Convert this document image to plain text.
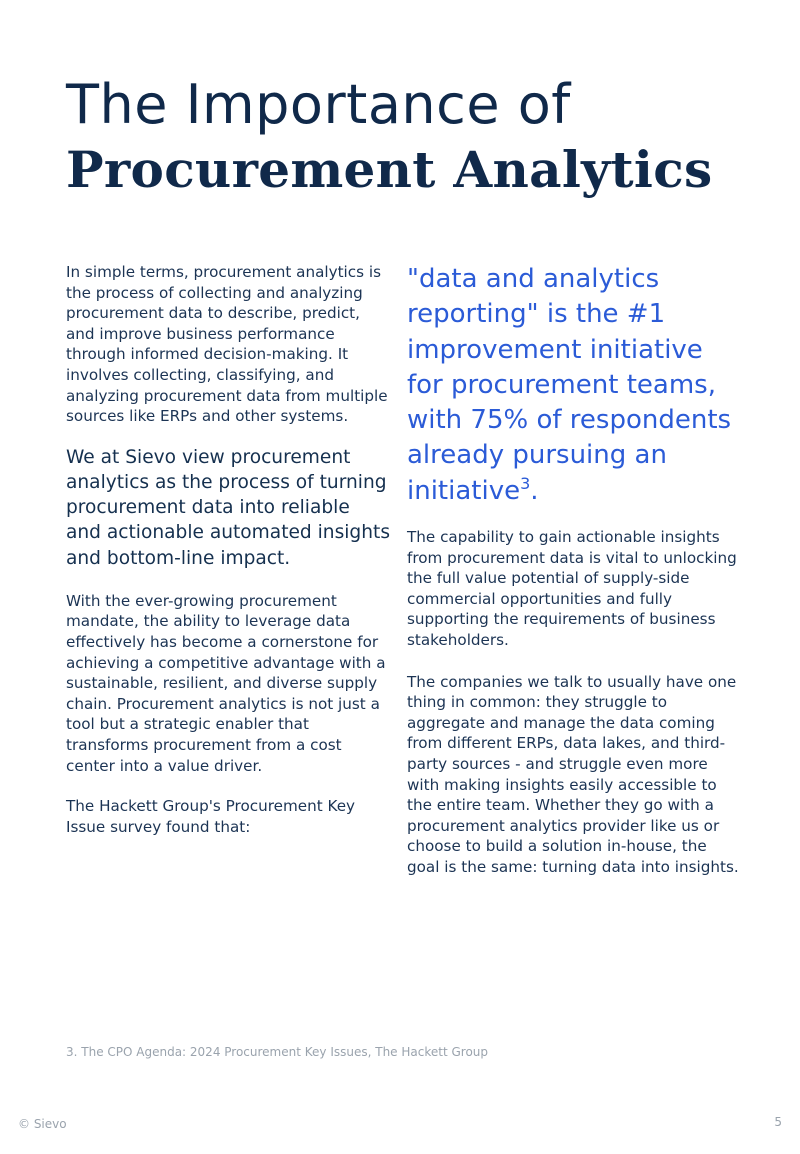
The Importance of
Procurement Analytics

In simple terms, procurement analytics is the process of collecting and analyzing procurement data to describe, predict, and improve business performance through informed decision-making. It involves collecting, classifying, and analyzing procurement data from multiple sources like ERPs and other systems.

We at Sievo view procurement analytics as the process of turning procurement data into reliable and actionable automated insights and bottom-line impact.

With the ever-growing procurement mandate, the ability to leverage data effectively has become a cornerstone for achieving a competitive advantage with a sustainable, resilient, and diverse supply chain. Procurement analytics is not just a tool but a strategic enabler that transforms procurement from a cost center into a value driver.

The Hackett Group's Procurement Key Issue survey found that:

"data and analytics reporting" is the #1 improvement initiative for procurement teams, with 75% of respondents already pursuing an initiative$^3$.

The capability to gain actionable insights from procurement data is vital to unlocking the full value potential of supply-side commercial opportunities and fully supporting the requirements of business stakeholders.

The companies we talk to usually have one thing in common: they struggle to aggregate and manage the data coming from different ERPs, data lakes, and third-party sources - and struggle even more with making insights easily accessible to the entire team. Whether they go with a procurement analytics provider like us or choose to build a solution in-house, the goal is the same: turning data into insights.

3. The CPO Agenda: 2024 Procurement Key Issues, The Hackett Group

© Sievo	5
